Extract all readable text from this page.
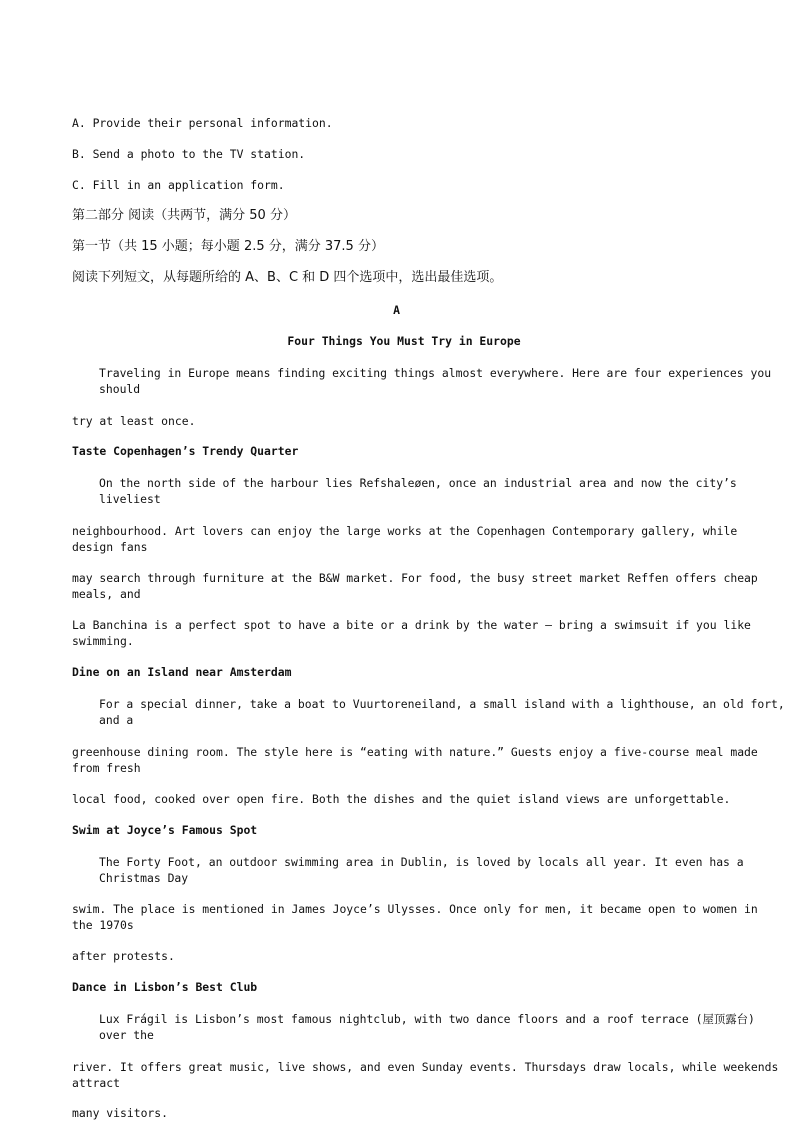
A. Provide their personal information.
B. Send a photo to the TV station.
C. Fill in an application form.
第二部分 阅读（共两节，满分 50 分）
第一节（共 15 小题；每小题 2.5 分，满分 37.5 分）
阅读下列短文，从每题所给的 A、B、C 和 D 四个选项中，选出最佳选项。
A
Four Things You Must Try in Europe
Traveling in Europe means finding exciting things almost everywhere. Here are four experiences you should
try at least once.
Taste Copenhagen’s Trendy Quarter
On the north side of the harbour lies Refshaleøen, once an industrial area and now the city’s liveliest
neighbourhood. Art lovers can enjoy the large works at the Copenhagen Contemporary gallery, while design fans
may search through furniture at the B&W market. For food, the busy street market Reffen offers cheap meals, and
La Banchina is a perfect spot to have a bite or a drink by the water — bring a swimsuit if you like swimming.
Dine on an Island near Amsterdam
For a special dinner, take a boat to Vuurtoreneiland, a small island with a lighthouse, an old fort, and a
greenhouse dining room. The style here is “eating with nature.” Guests enjoy a five-course meal made from fresh
local food, cooked over open fire. Both the dishes and the quiet island views are unforgettable.
Swim at Joyce’s Famous Spot
The Forty Foot, an outdoor swimming area in Dublin, is loved by locals all year. It even has a Christmas Day
swim. The place is mentioned in James Joyce’s Ulysses. Once only for men, it became open to women in the 1970s
after protests.
Dance in Lisbon’s Best Club
Lux Frágil is Lisbon’s most famous nightclub, with two dance floors and a roof terrace (屋顶露台) over the
river. It offers great music, live shows, and even Sunday events. Thursdays draw locals, while weekends attract
many visitors.
